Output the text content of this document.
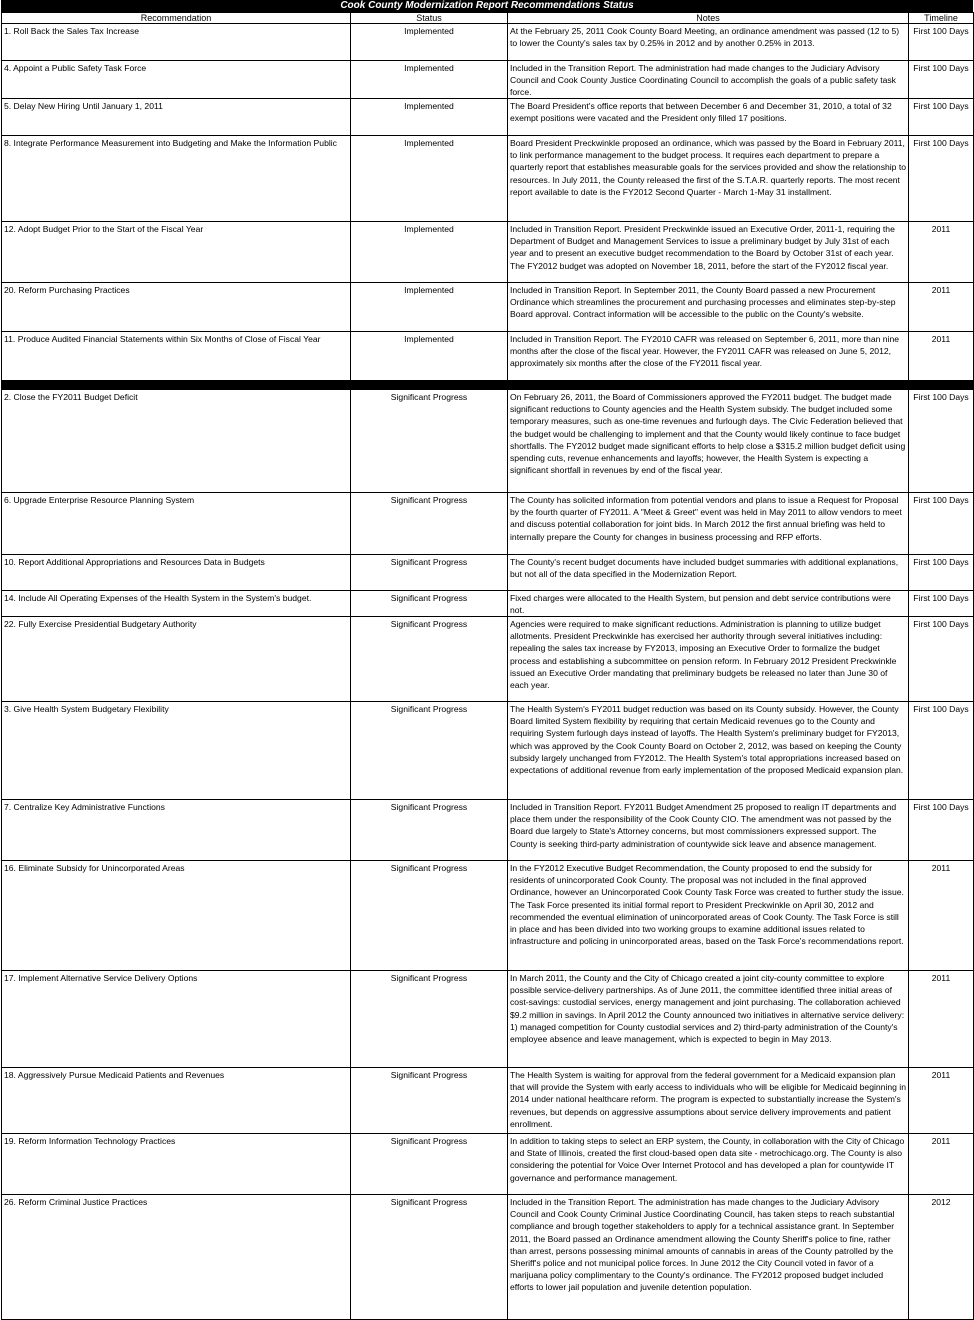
Cook County Modernization Report Recommendations Status
Recommendation	Status	Notes	Timeline

1. Roll Back the Sales Tax Increase	Implemented	At the February 25, 2011 Cook County Board Meeting, an ordinance amendment was passed (12 to 5) to lower the County's sales tax by 0.25% in 2012 and by another 0.25% in 2013.	First 100 Days

4. Appoint a Public Safety Task Force	Implemented	Included in the Transition Report. The administration had made changes to the Judiciary Advisory Council and Cook County Justice Coordinating Council to accomplish the goals of a public safety task force.	First 100 Days

5. Delay New Hiring Until January 1, 2011	Implemented	The Board President's office reports that between December 6 and December 31, 2010, a total of 32 exempt positions were vacated and the President only filled 17 positions.	First 100 Days

8. Integrate Performance Measurement into Budgeting and Make the Information Public	Implemented	Board President Preckwinkle proposed an ordinance, which was passed by the Board in February 2011, to link performance management to the budget process. It requires each department to prepare a quarterly report that establishes measurable goals for the services provided and show the relationship to resources. In July 2011, the County released the first of the S.T.A.R. quarterly reports. The most recent report available to date is the FY2012 Second Quarter - March 1-May 31 installment.	First 100 Days

12. Adopt Budget Prior to the Start of the Fiscal Year	Implemented	Included in Transition Report. President Preckwinkle issued an Executive Order, 2011-1, requiring the Department of Budget and Management Services to issue a preliminary budget by July 31st of each year and to present an executive budget recommendation to the Board by October 31st of each year. The FY2012 budget was adopted on November 18, 2011, before the start of the FY2012 fiscal year.	2011

20. Reform Purchasing Practices	Implemented	Included in Transition Report. In September 2011, the County Board passed a new Procurement Ordinance which streamlines the procurement and purchasing processes and eliminates step-by-step Board approval. Contract information will be accessible to the public on the County's website.	2011

11. Produce Audited Financial Statements within Six Months of Close of Fiscal Year	Implemented	Included in Transition Report. The FY2010 CAFR was released on September 6, 2011, more than nine months after the close of the fiscal year. However, the FY2011 CAFR was released on June 5, 2012, approximately six months after the close of the FY2011 fiscal year.	2011

2. Close the FY2011 Budget Deficit	Significant Progress	On February 26, 2011, the Board of Commissioners approved the FY2011 budget. The budget made significant reductions to County agencies and the Health System subsidy. The budget included some temporary measures, such as one-time revenues and furlough days. The Civic Federation believed that the budget would be challenging to implement and that the County would likely continue to face budget shortfalls. The FY2012 budget made significant efforts to help close a $315.2 million budget deficit using spending cuts, revenue enhancements and layoffs; however, the Health System is expecting a significant shortfall in revenues by end of the fiscal year.	First 100 Days

6. Upgrade Enterprise Resource Planning System	Significant Progress	The County has solicited information from potential vendors and plans to issue a Request for Proposal by the fourth quarter of FY2011. A "Meet & Greet" event was held in May 2011 to allow vendors to meet and discuss potential collaboration for joint bids. In March 2012 the first annual briefing was held to internally prepare the County for changes in business processing and RFP efforts.	First 100 Days

10. Report Additional Appropriations and Resources Data in Budgets	Significant Progress	The County's recent budget documents have included budget summaries with additional explanations, but not all of the data specified in the Modernization Report.	First 100 Days

14. Include All Operating Expenses of the Health System in the System's budget.	Significant Progress	Fixed charges were allocated to the Health System, but pension and debt service contributions were not.	First 100 Days

22. Fully Exercise Presidential Budgetary Authority	Significant Progress	Agencies were required to make significant reductions. Administration is planning to utilize budget allotments. President Preckwinkle has exercised her authority through several initiatives including: repealing the sales tax increase by FY2013, imposing an Executive Order to formalize the budget process and establishing a subcommittee on pension reform. In February 2012 President Preckwinkle issued an Executive Order mandating that preliminary budgets be released no later than June 30 of each year.	First 100 Days

3. Give Health System Budgetary Flexibility	Significant Progress	The Health System's FY2011 budget reduction was based on its County subsidy. However, the County Board limited System flexibility by requiring that certain Medicaid revenues go to the County and requiring System furlough days instead of layoffs. The Health System's preliminary budget for FY2013, which was approved by the Cook County Board on October 2, 2012, was based on keeping the County subsidy largely unchanged from FY2012. The Health System's total appropriations increased based on expectations of additional revenue from early implementation of the proposed Medicaid expansion plan.	First 100 Days

7. Centralize Key Administrative Functions	Significant Progress	Included in Transition Report. FY2011 Budget Amendment 25 proposed to realign IT departments and place them under the responsibility of the Cook County CIO. The amendment was not passed by the Board due largely to State's Attorney concerns, but most commissioners expressed support. The County is seeking third-party administration of countywide sick leave and absence management.	First 100 Days

16. Eliminate Subsidy for Unincorporated Areas	Significant Progress	In the FY2012 Executive Budget Recommendation, the County proposed to end the subsidy for residents of unincorporated Cook County. The proposal was not included in the final approved Ordinance, however an Unincorporated Cook County Task Force was created to further study the issue. The Task Force presented its initial formal report to President Preckwinkle on April 30, 2012 and recommended the eventual elimination of unincorporated areas of Cook County. The Task Force is still in place and has been divided into two working groups to examine additional issues related to infrastructure and policing in unincorporated areas, based on the Task Force's recommendations report.	2011

17. Implement Alternative Service Delivery Options	Significant Progress	In March 2011, the County and the City of Chicago created a joint city-county committee to explore possible service-delivery partnerships. As of June 2011, the committee identified three initial areas of cost-savings: custodial services, energy management and joint purchasing. The collaboration achieved $9.2 million in savings. In April 2012 the County announced two initiatives in alternative service delivery: 1) managed competition for County custodial services and 2) third-party administration of the County's employee absence and leave management, which is expected to begin in May 2013.	2011

18. Aggressively Pursue Medicaid Patients and Revenues	Significant Progress	The Health System is waiting for approval from the federal government for a Medicaid expansion plan that will provide the System with early access to individuals who will be eligible for Medicaid beginning in 2014 under national healthcare reform. The program is expected to substantially increase the System's revenues, but depends on aggressive assumptions about service delivery improvements and patient enrollment.	2011

19. Reform Information Technology Practices	Significant Progress	In addition to taking steps to select an ERP system, the County, in collaboration with the City of Chicago and State of Illinois, created the first cloud-based open data site - metrochicago.org. The County is also considering the potential for Voice Over Internet Protocol and has developed a plan for countywide IT governance and performance management.	2011

26. Reform Criminal Justice Practices	Significant Progress	Included in the Transition Report. The administration has made changes to the Judiciary Advisory Council and Cook County Criminal Justice Coordinating Council, has taken steps to reach substantial compliance and brough together stakeholders to apply for a technical assistance grant. In September 2011, the Board passed an Ordinance amendment allowing the County Sheriff's police to fine, rather than arrest, persons possessing minimal amounts of cannabis in areas of the County patrolled by the Sheriff's police and not municipal police forces. In June 2012 the City Council voted in favor of a marijuana policy complimentary to the County's ordinance. The FY2012 proposed budget included efforts to lower jail population and juvenile detention population.	2012
